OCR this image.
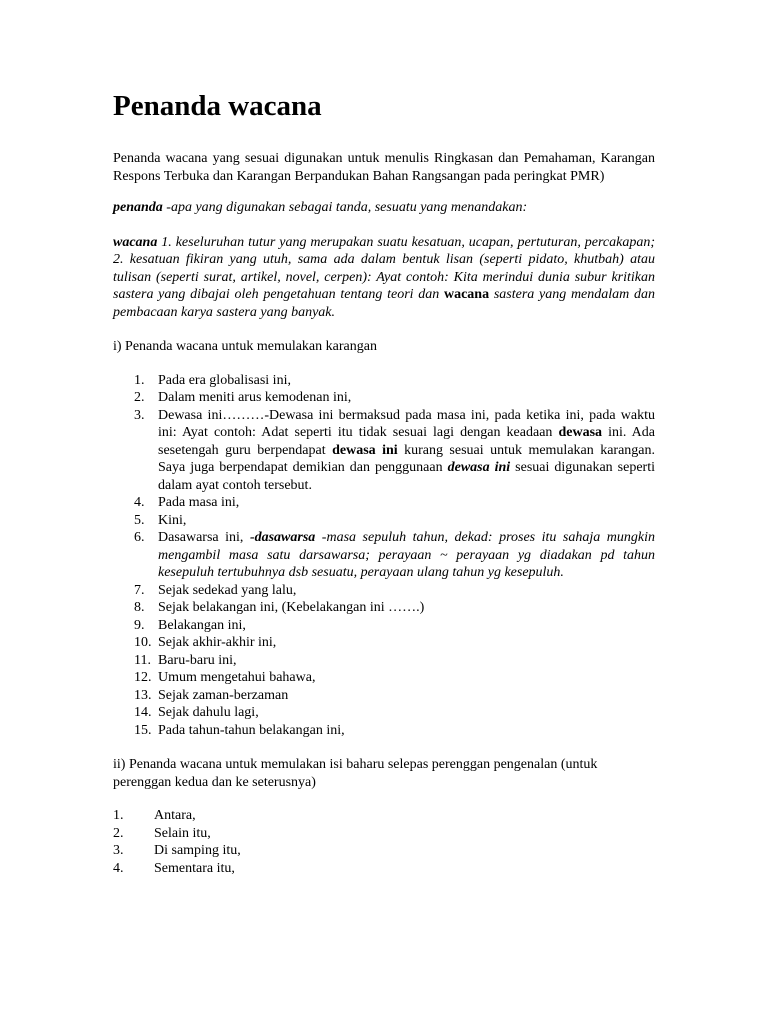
Penanda wacana

Penanda wacana yang sesuai digunakan untuk menulis Ringkasan dan Pemahaman, Karangan Respons Terbuka dan Karangan Berpandukan Bahan Rangsangan pada peringkat PMR)

penanda -apa yang digunakan sebagai tanda, sesuatu yang menandakan:

wacana 1. keseluruhan tutur yang merupakan suatu kesatuan, ucapan, pertuturan, percakapan; 2. kesatuan fikiran yang utuh, sama ada dalam bentuk lisan (seperti pidato, khutbah) atau tulisan (seperti surat, artikel, novel, cerpen): Ayat contoh: Kita merindui dunia subur kritikan sastera yang dibajai oleh pengetahuan tentang teori dan wacana sastera yang mendalam dan pembacaan karya sastera yang banyak.

i) Penanda wacana untuk memulakan karangan

1. Pada era globalisasi ini,
2. Dalam meniti arus kemodenan ini,
3. Dewasa ini………-Dewasa ini bermaksud pada masa ini, pada ketika ini, pada waktu ini: Ayat contoh: Adat seperti itu tidak sesuai lagi dengan keadaan dewasa ini. Ada sesetengah guru berpendapat dewasa ini kurang sesuai untuk memulakan karangan. Saya juga berpendapat demikian dan penggunaan dewasa ini sesuai digunakan seperti dalam ayat contoh tersebut.
4. Pada masa ini,
5. Kini,
6. Dasawarsa ini, -dasawarsa -masa sepuluh tahun, dekad: proses itu sahaja mungkin mengambil masa satu darsawarsa; perayaan ~ perayaan yg diadakan pd tahun kesepuluh tertubuhnya dsb sesuatu, perayaan ulang tahun yg kesepuluh.
7. Sejak sedekad yang lalu,
8. Sejak belakangan ini, (Kebelakangan ini …….)
9. Belakangan ini,
10. Sejak akhir-akhir ini,
11. Baru-baru ini,
12. Umum mengetahui bahawa,
13. Sejak zaman-berzaman
14. Sejak dahulu lagi,
15. Pada tahun-tahun belakangan ini,

ii) Penanda wacana untuk memulakan isi baharu selepas perenggan pengenalan (untuk perenggan kedua dan ke seterusnya)

1. Antara,
2. Selain itu,
3. Di samping itu,
4. Sementara itu,
